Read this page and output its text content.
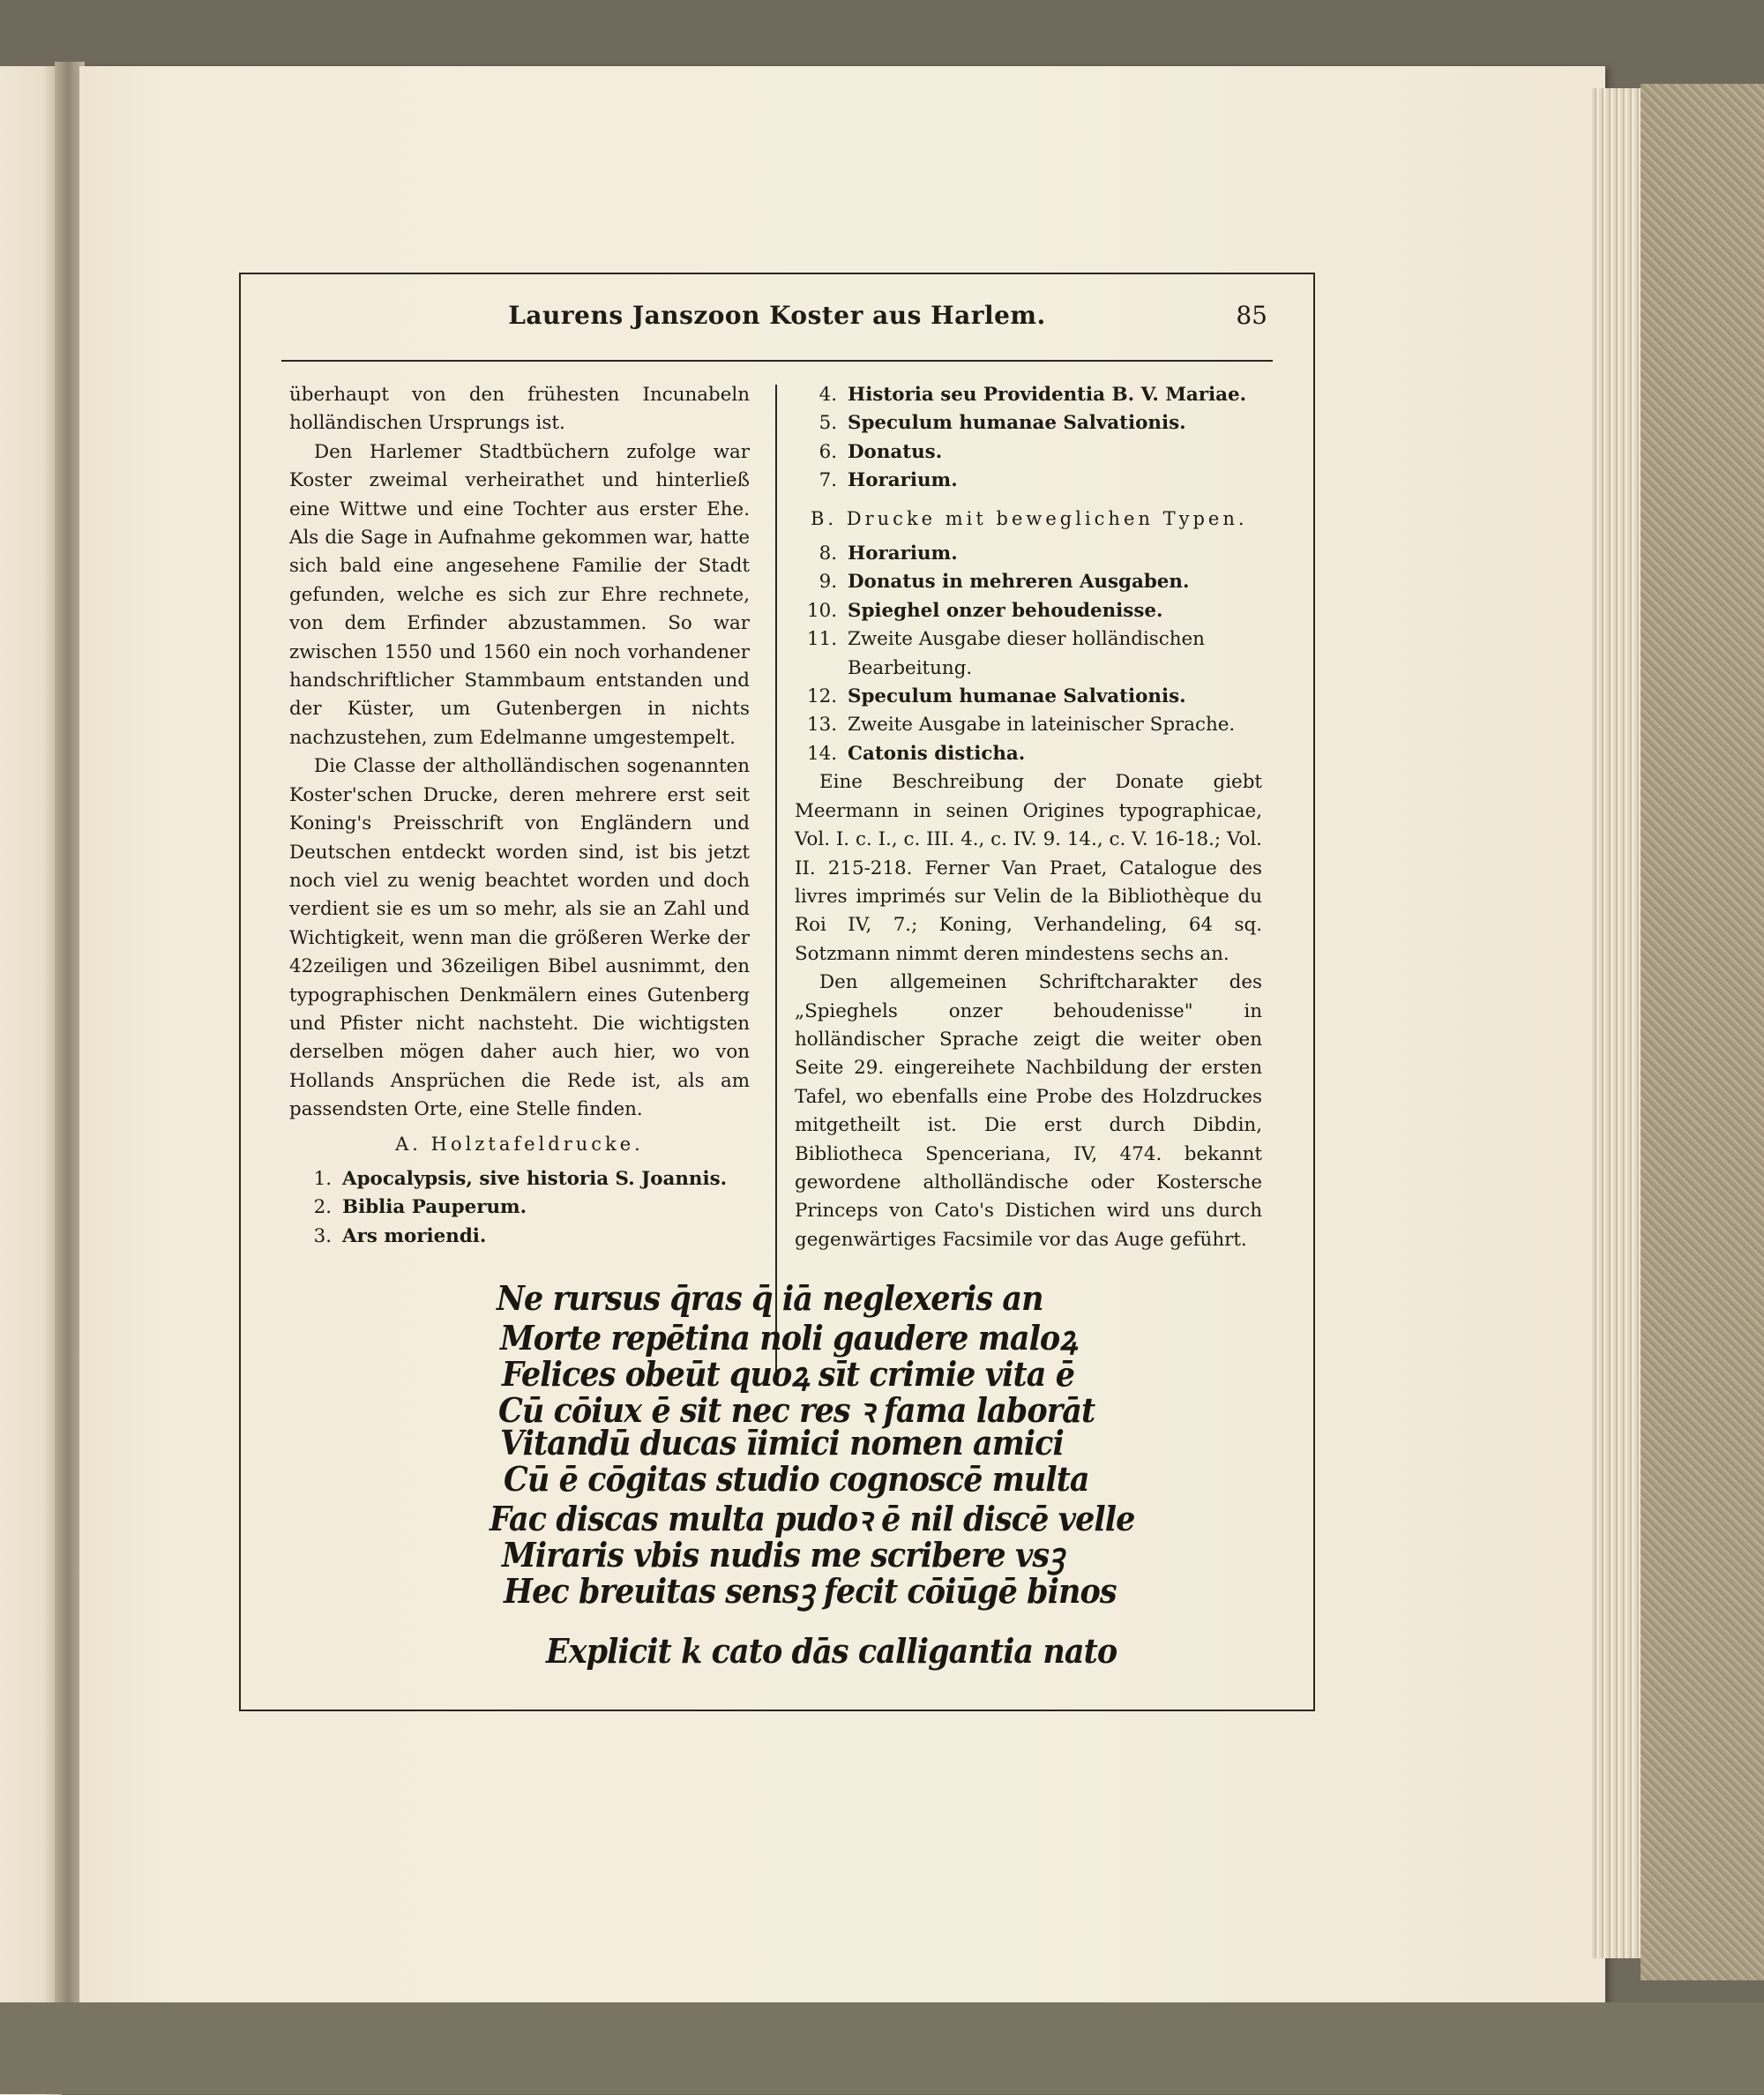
Laurens Janszoon Koster aus Harlem.	85

überhaupt von den frühesten Incunabeln holländischen Ursprungs ist.

Den Harlemer Stadtbüchern zufolge war Koster zweimal verheirathet und hinterließ eine Wittwe und eine Tochter aus erster Ehe. Als die Sage in Aufnahme gekommen war, hatte sich bald eine angesehene Familie der Stadt gefunden, welche es sich zur Ehre rechnete, von dem Erfinder abzustammen. So war zwischen 1550 und 1560 ein noch vorhandener handschriftlicher Stammbaum entstanden und der Küster, um Gutenbergen in nichts nachzustehen, zum Edelmanne umgestempelt.

Die Classe der altholländischen sogenannten Koster'schen Drucke, deren mehrere erst seit Koning's Preisschrift von Engländern und Deutschen entdeckt worden sind, ist bis jetzt noch viel zu wenig beachtet worden und doch verdient sie es um so mehr, als sie an Zahl und Wichtigkeit, wenn man die größeren Werke der 42zeiligen und 36zeiligen Bibel ausnimmt, den typographischen Denkmälern eines Gutenberg und Pfister nicht nachsteht. Die wichtigsten derselben mögen daher auch hier, wo von Hollands Ansprüchen die Rede ist, als am passendsten Orte, eine Stelle finden.

A. Holztafeldrucke.
1. Apocalypsis, sive historia S. Joannis.
2. Biblia Pauperum.
3. Ars moriendi.
4. Historia seu Providentia B. V. Mariae.
5. Speculum humanae Salvationis.
6. Donatus.
7. Horarium.
B. Drucke mit beweglichen Typen.
8. Horarium.
9. Donatus in mehreren Ausgaben.
10. Spieghel onzer behoudenisse.
11. Zweite Ausgabe dieser holländischen Bearbeitung.
12. Speculum humanae Salvationis.
13. Zweite Ausgabe in lateinischer Sprache.
14. Catonis disticha.

Eine Beschreibung der Donate giebt Meermann in seinen Origines typographicae, Vol. I. c. I., c. III. 4., c. IV. 9. 14., c. V. 16-18.; Vol. II. 215-218. Ferner Van Praet, Catalogue des livres imprimés sur Velin de la Bibliothèque du Roi IV, 7.; Koning, Verhandeling, 64 sq. Sotzmann nimmt deren mindestens sechs an.

Den allgemeinen Schriftcharakter des „Spieghels onzer behoudenisse" in holländischer Sprache zeigt die weiter oben Seite 29. eingereihete Nachbildung der ersten Tafel, wo ebenfalls eine Probe des Holzdruckes mitgetheilt ist. Die erst durch Dibdin, Bibliotheca Spenceriana, IV, 474. bekannt gewordene altholländische oder Kostersche Princeps von Cato's Distichen wird uns durch gegenwärtiges Facsimile vor das Auge geführt.

Ne rursus q̄ras q̄ iā neglexeris an
Morte repētina noli gaudere maloꝝ
Felices obeūt quoꝝ sīt crimie vita ē
Cū cōiux ē sit nec res ꝛ fama laborāt
Vitandū ducas īimici nomen amici
Cū ē cōgitas studio cognoscē multa
Fac discas multa pudoꝛ ē nil discē velle
Miraris vbis nudis me scribere vsꝫ
Hec breuitas sensꝫ fecit cōiūgē binos
Explicit k cato dās calligantia nato
